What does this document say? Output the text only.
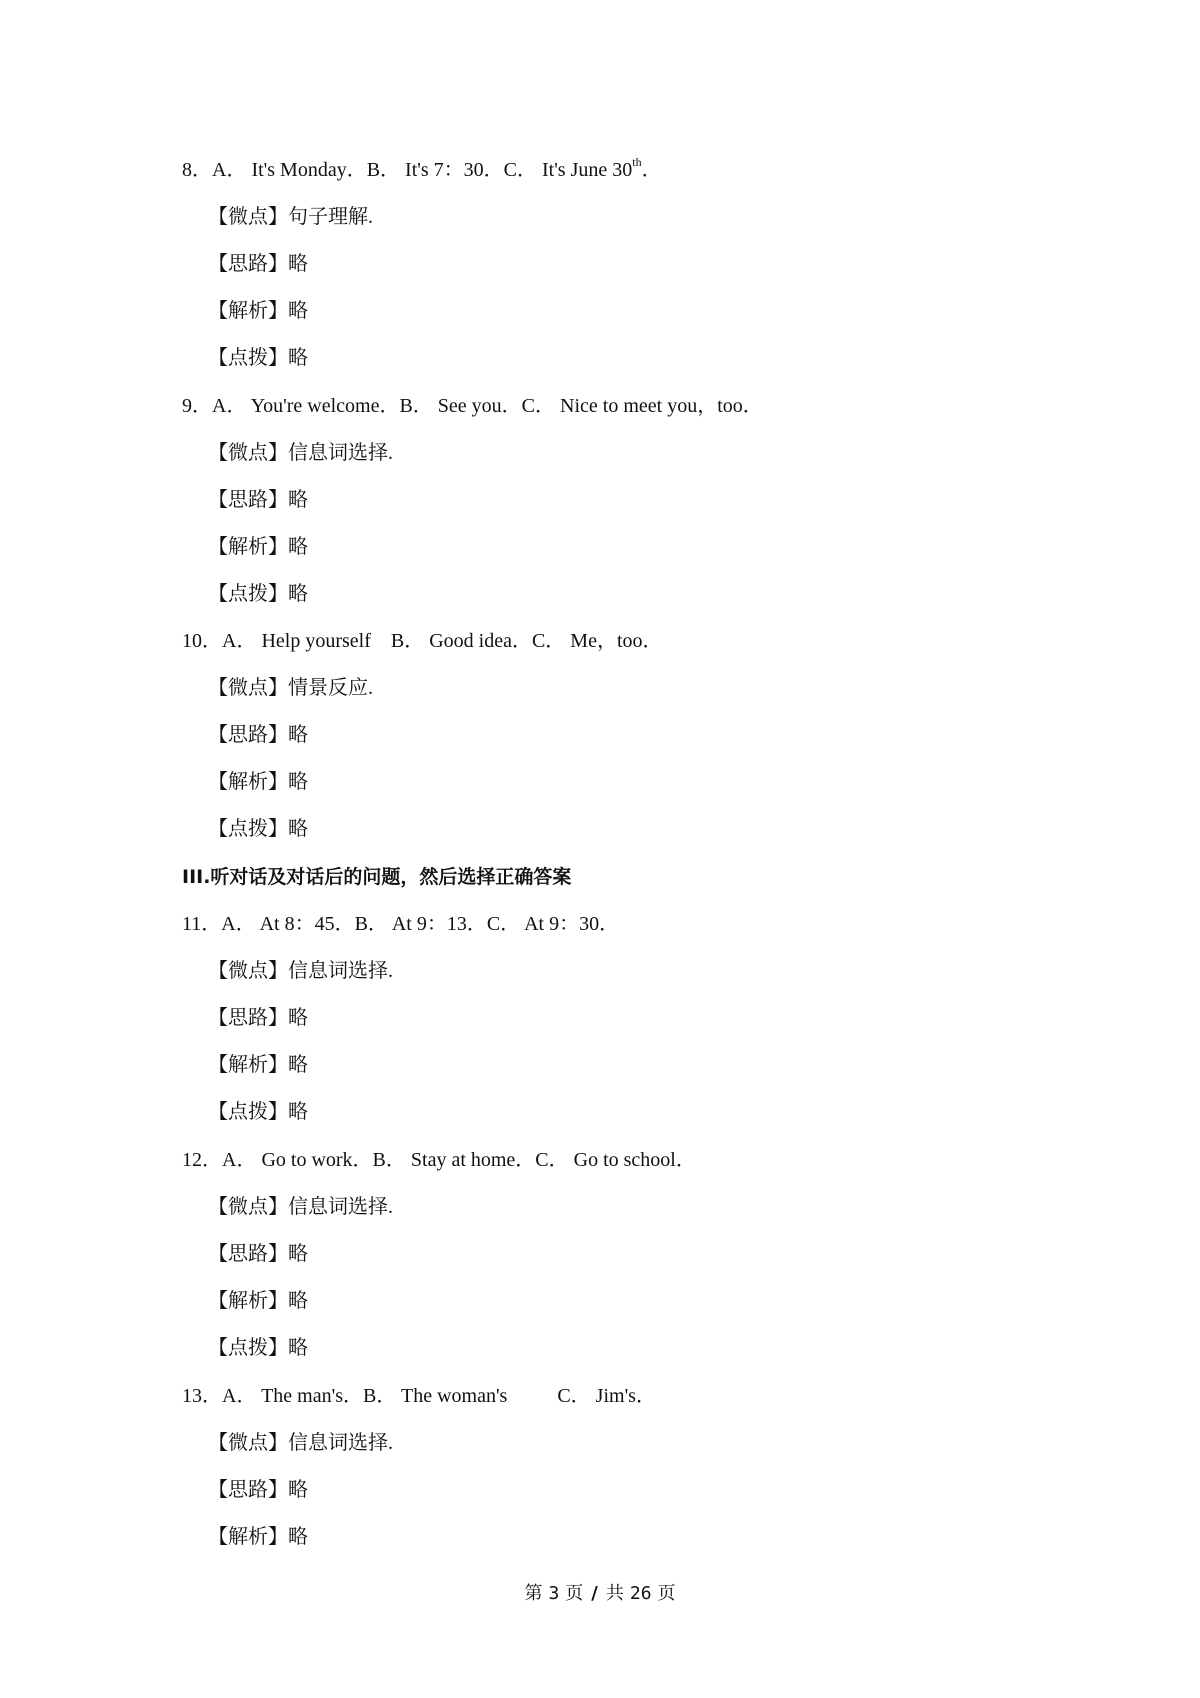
8．A． It's Monday．B． It's 7：30．C． It's June 30th．
【微点】句子理解.
【思路】略
【解析】略
【点拨】略
9．A． You're welcome．B． See you．C． Nice to meet you，too．
【微点】信息词选择.
【思路】略
【解析】略
【点拨】略
10．A． Help yourself    B． Good idea．C． Me，too．
【微点】情景反应.
【思路】略
【解析】略
【点拨】略
III.听对话及对话后的问题，然后选择正确答案
11．A． At 8：45．B． At 9：13．C． At 9：30．
【微点】信息词选择.
【思路】略
【解析】略
【点拨】略
12．A． Go to work．B． Stay at home．C． Go to school．
【微点】信息词选择.
【思路】略
【解析】略
【点拨】略
13．A． The man's．B． The woman's          C． Jim's．
【微点】信息词选择.
【思路】略
【解析】略
第 3 页 / 共 26 页
